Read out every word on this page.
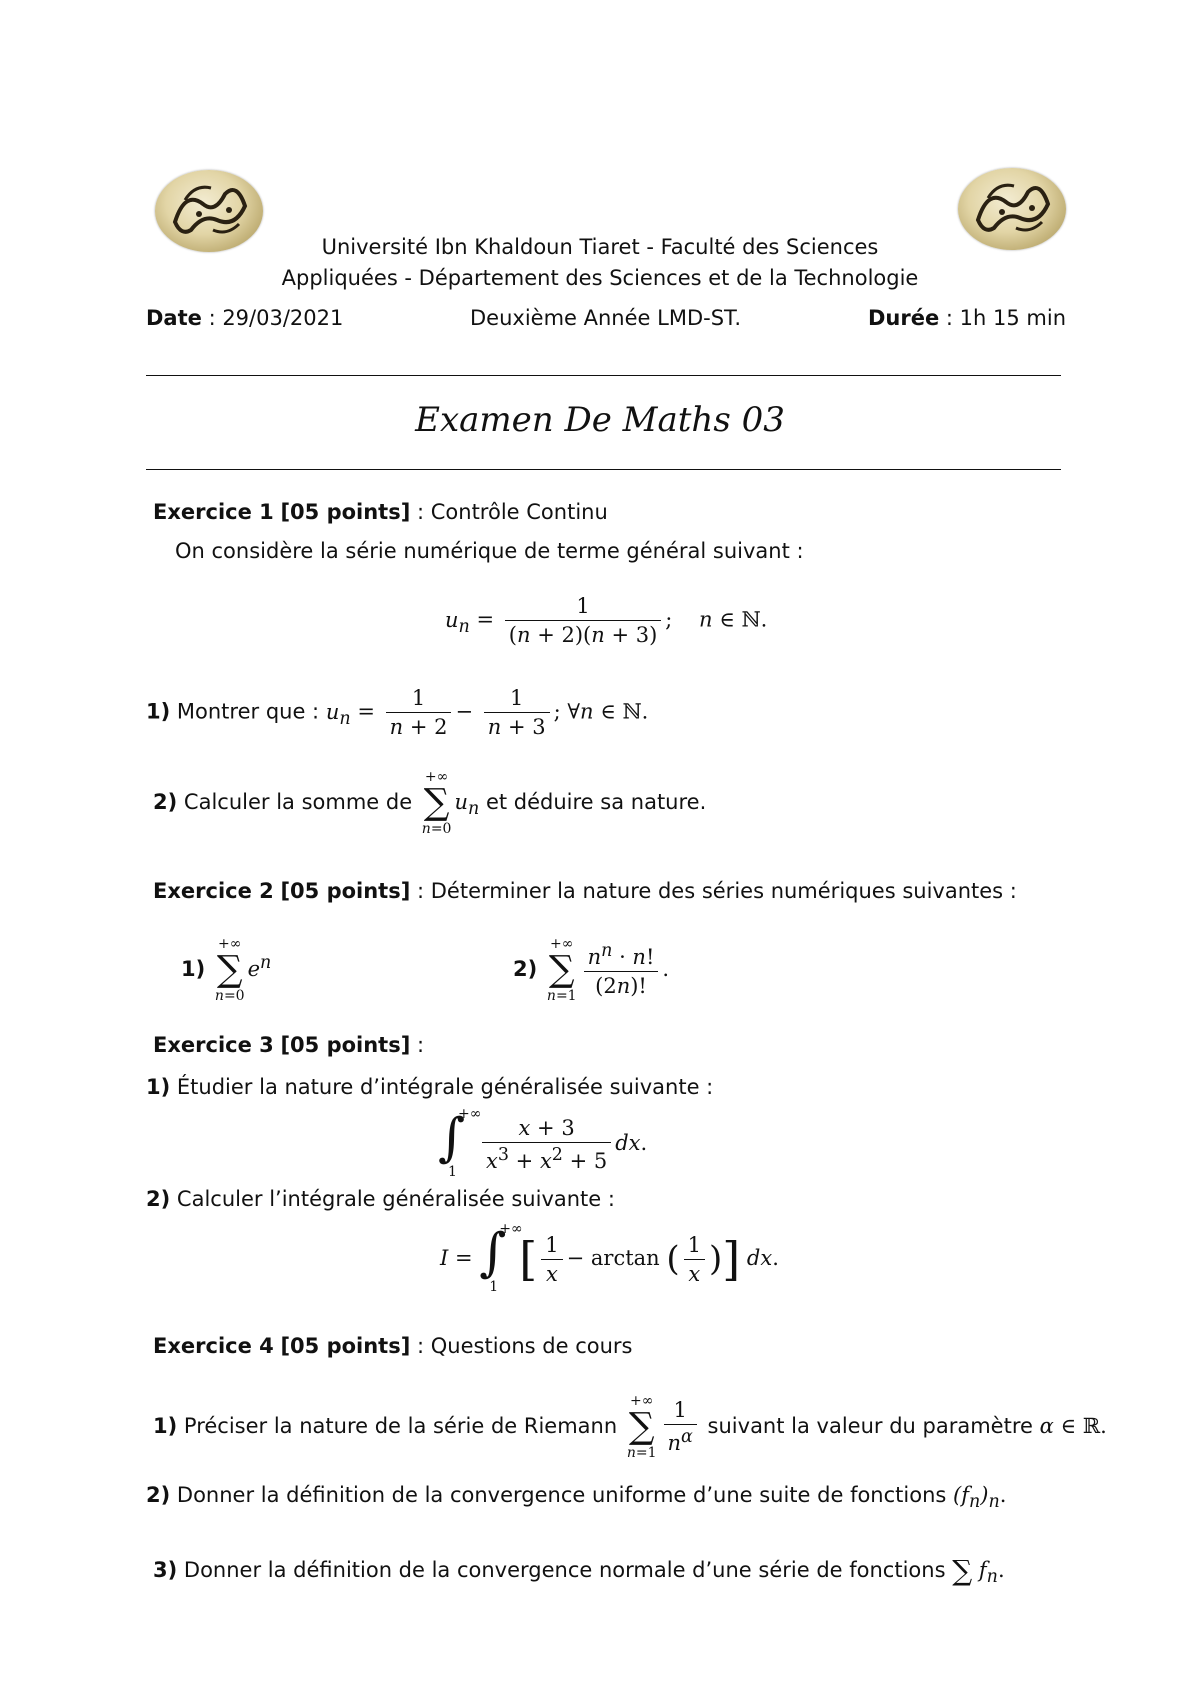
Université Ibn Khaldoun Tiaret - Faculté des Sciences
Appliquées - Département des Sciences et de la Technologie
Date : 29/03/2021	Deuxième Année LMD-ST.	Durée : 1h 15 min
Examen De Maths 03
Exercice 1 [05 points] : Contrôle Continu
On considère la série numérique de terme général suivant :
$u_n = \frac{1}{(n + 2)(n + 3)}$ ; n ∈ ℕ.
1) Montrer que : $u_n = \frac{1}{n + 2} - \frac{1}{n + 3}$ ; ∀n ∈ ℕ.
2) Calculer la somme de
+∞
∑
n=0
$u_n$ et déduire sa nature.
Exercice 2 [05 points] : Déterminer la nature des séries numériques suivantes :
1)
+∞
∑
n=0
$e^n$	2)
+∞
∑
$n=1 \frac{n^n \cdot n!}{(2n)!}$ .
Exercice 3 [05 points] :
1) Étudier la nature d’intégrale généralisée suivante :
∫
+∞
$1 \frac{x + 3}{x^3 + x^2 + 5}$ dx.
2) Calculer l’intégrale généralisée suivante :
I = ∫
+∞
1
[ $\frac{1}{x} - \arctan$ ( $\frac{1}{x}$ )] dx.
Exercice 4 [05 points] : Questions de cours
1) Préciser la nature de la série de Riemann
+∞
∑
$n=1 \frac{1}{n^\alpha}$ suivant la valeur du paramètre α ∈ ℝ.
2) Donner la définition de la convergence uniforme d’une suite de fonctions $(f_n)_n$.
3) Donner la définition de la convergence normale d’une série de fonctions ∑ $f_n$.
